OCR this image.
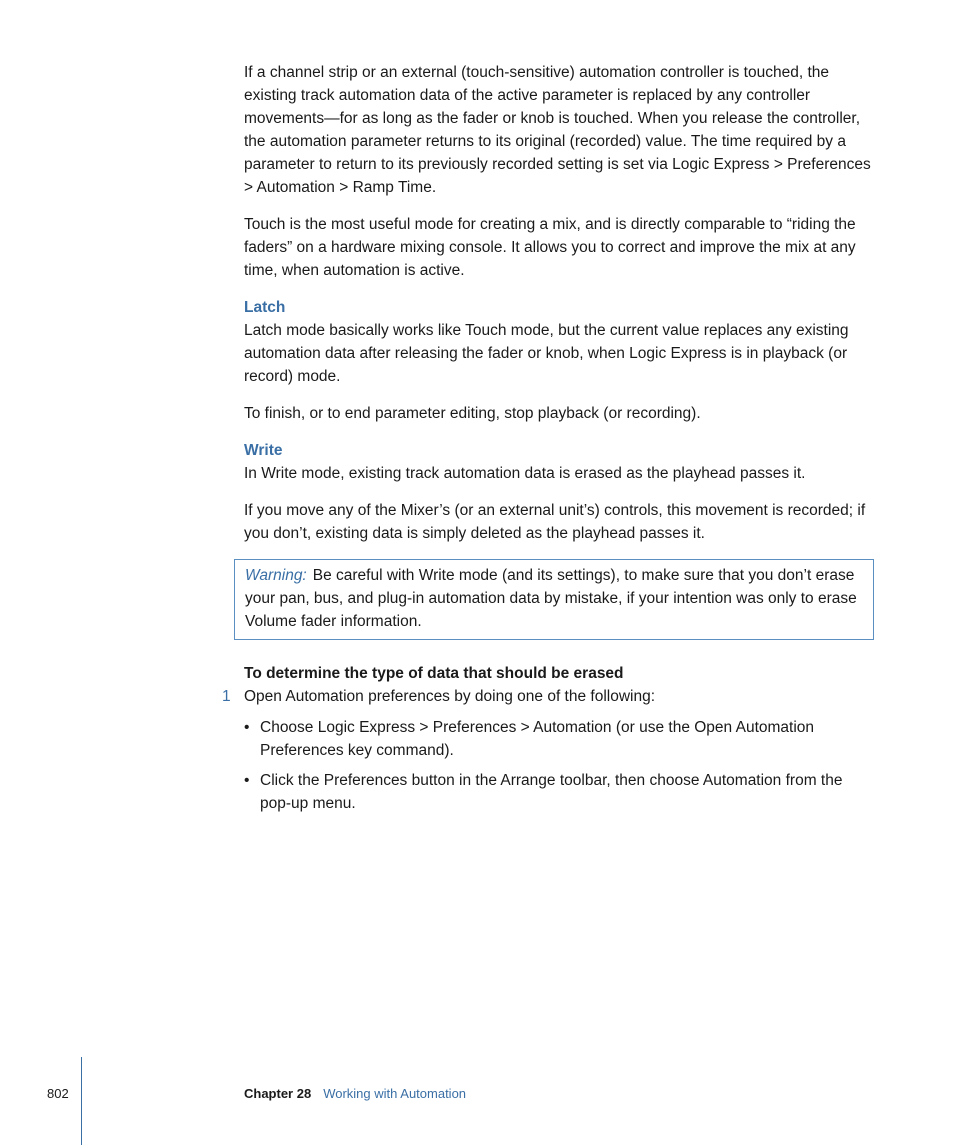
If a channel strip or an external (touch-sensitive) automation controller is touched, the existing track automation data of the active parameter is replaced by any controller movements—for as long as the fader or knob is touched. When you release the controller, the automation parameter returns to its original (recorded) value. The time required by a parameter to return to its previously recorded setting is set via Logic Express > Preferences > Automation > Ramp Time.

Touch is the most useful mode for creating a mix, and is directly comparable to “riding the faders” on a hardware mixing console. It allows you to correct and improve the mix at any time, when automation is active.

Latch

Latch mode basically works like Touch mode, but the current value replaces any existing automation data after releasing the fader or knob, when Logic Express is in playback (or record) mode.

To finish, or to end parameter editing, stop playback (or recording).

Write

In Write mode, existing track automation data is erased as the playhead passes it.

If you move any of the Mixer’s (or an external unit’s) controls, this movement is recorded; if you don’t, existing data is simply deleted as the playhead passes it.

Warning: Be careful with Write mode (and its settings), to make sure that you don’t erase your pan, bus, and plug-in automation data by mistake, if your intention was only to erase Volume fader information.
To determine the type of data that should be erased
1 Open Automation preferences by doing one of the following:
• Choose Logic Express > Preferences > Automation (or use the Open Automation Preferences key command).
• Click the Preferences button in the Arrange toolbar, then choose Automation from the pop-up menu.
802	Chapter 28 Working with Automation
